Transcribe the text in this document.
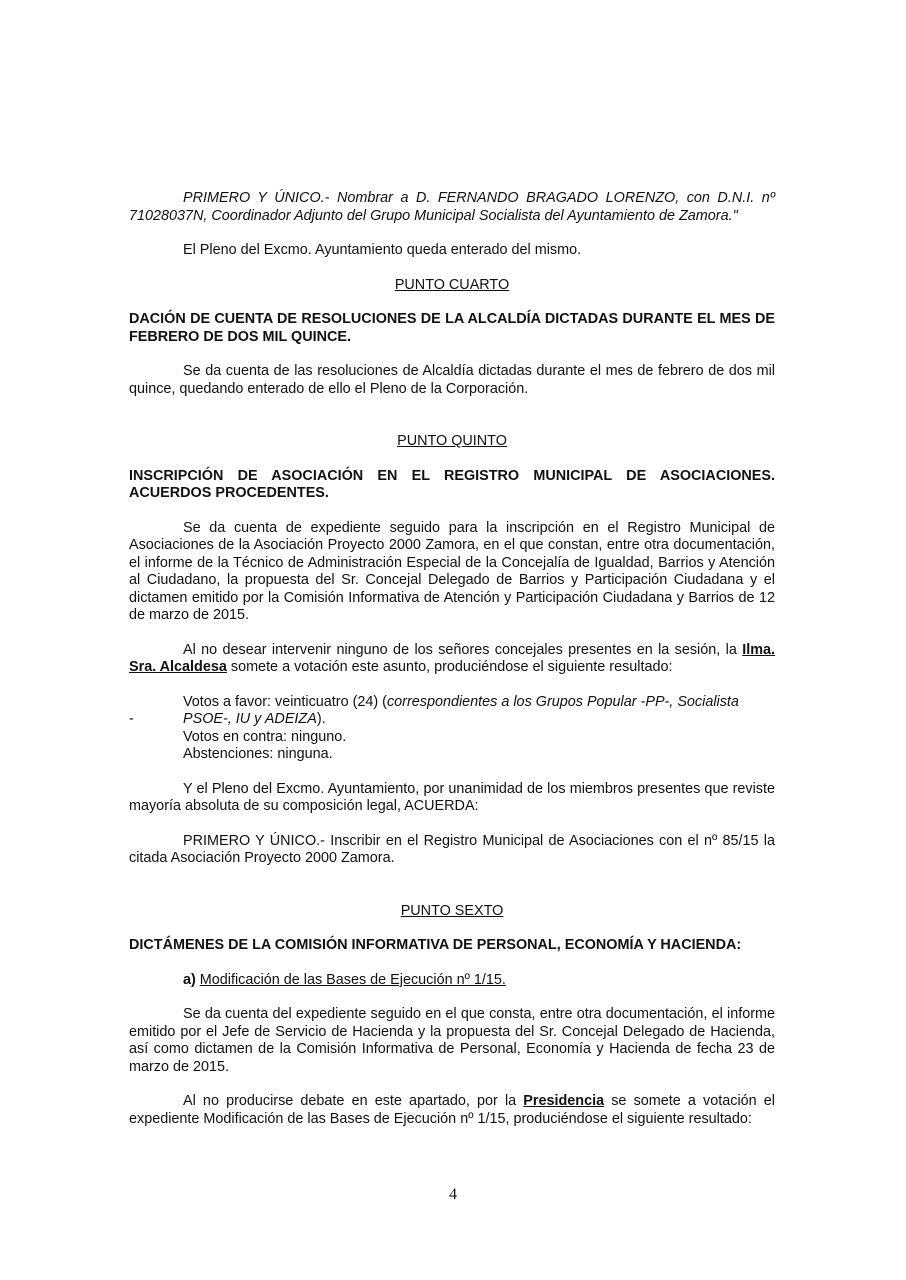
PRIMERO Y ÚNICO.- Nombrar a D. FERNANDO BRAGADO LORENZO, con D.N.I. nº

71028037N, Coordinador Adjunto del Grupo Municipal Socialista del Ayuntamiento de Zamora."

El Pleno del Excmo. Ayuntamiento queda enterado del mismo.

PUNTO CUARTO

DACIÓN DE CUENTA DE RESOLUCIONES DE LA ALCALDÍA DICTADAS DURANTE EL MES DE FEBRERO DE DOS MIL QUINCE.

Se da cuenta de las resoluciones de Alcaldía dictadas durante el mes de febrero de dos mil quince, quedando enterado de ello el Pleno de la Corporación.

PUNTO QUINTO

INSCRIPCIÓN DE ASOCIACIÓN EN EL REGISTRO MUNICIPAL DE ASOCIACIONES. ACUERDOS PROCEDENTES.

Se da cuenta de expediente seguido para la inscripción en el Registro Municipal de Asociaciones de la Asociación Proyecto 2000 Zamora, en el que constan, entre otra documentación, el informe de la Técnico de Administración Especial de la Concejalía de Igualdad, Barrios y Atención al Ciudadano, la propuesta del Sr. Concejal Delegado de Barrios y Participación Ciudadana y el dictamen emitido por la Comisión Informativa de Atención y Participación Ciudadana y Barrios de 12 de marzo de 2015.

Al no desear intervenir ninguno de los señores concejales presentes en la sesión, la Ilma. Sra. Alcaldesa somete a votación este asunto, produciéndose el siguiente resultado:

-

Votos a favor: veinticuatro (24) (correspondientes a los Grupos Popular -PP-, Socialista PSOE-, IU y ADEIZA).

Votos en contra: ninguno.

Abstenciones: ninguna.

Y el Pleno del Excmo. Ayuntamiento, por unanimidad de los miembros presentes que reviste mayoría absoluta de su composición legal, ACUERDA:

PRIMERO Y ÚNICO.- Inscribir en el Registro Municipal de Asociaciones con el nº 85/15 la citada Asociación Proyecto 2000 Zamora.

PUNTO SEXTO

DICTÁMENES DE LA COMISIÓN INFORMATIVA DE PERSONAL, ECONOMÍA Y HACIENDA:

a) Modificación de las Bases de Ejecución nº 1/15.

Se da cuenta del expediente seguido en el que consta, entre otra documentación, el informe emitido por el Jefe de Servicio de Hacienda y la propuesta del Sr. Concejal Delegado de Hacienda, así como dictamen de la Comisión Informativa de Personal, Economía y Hacienda de fecha 23 de marzo de 2015.

Al no producirse debate en este apartado, por la Presidencia se somete a votación el expediente Modificación de las Bases de Ejecución nº 1/15, produciéndose el siguiente resultado:

4
